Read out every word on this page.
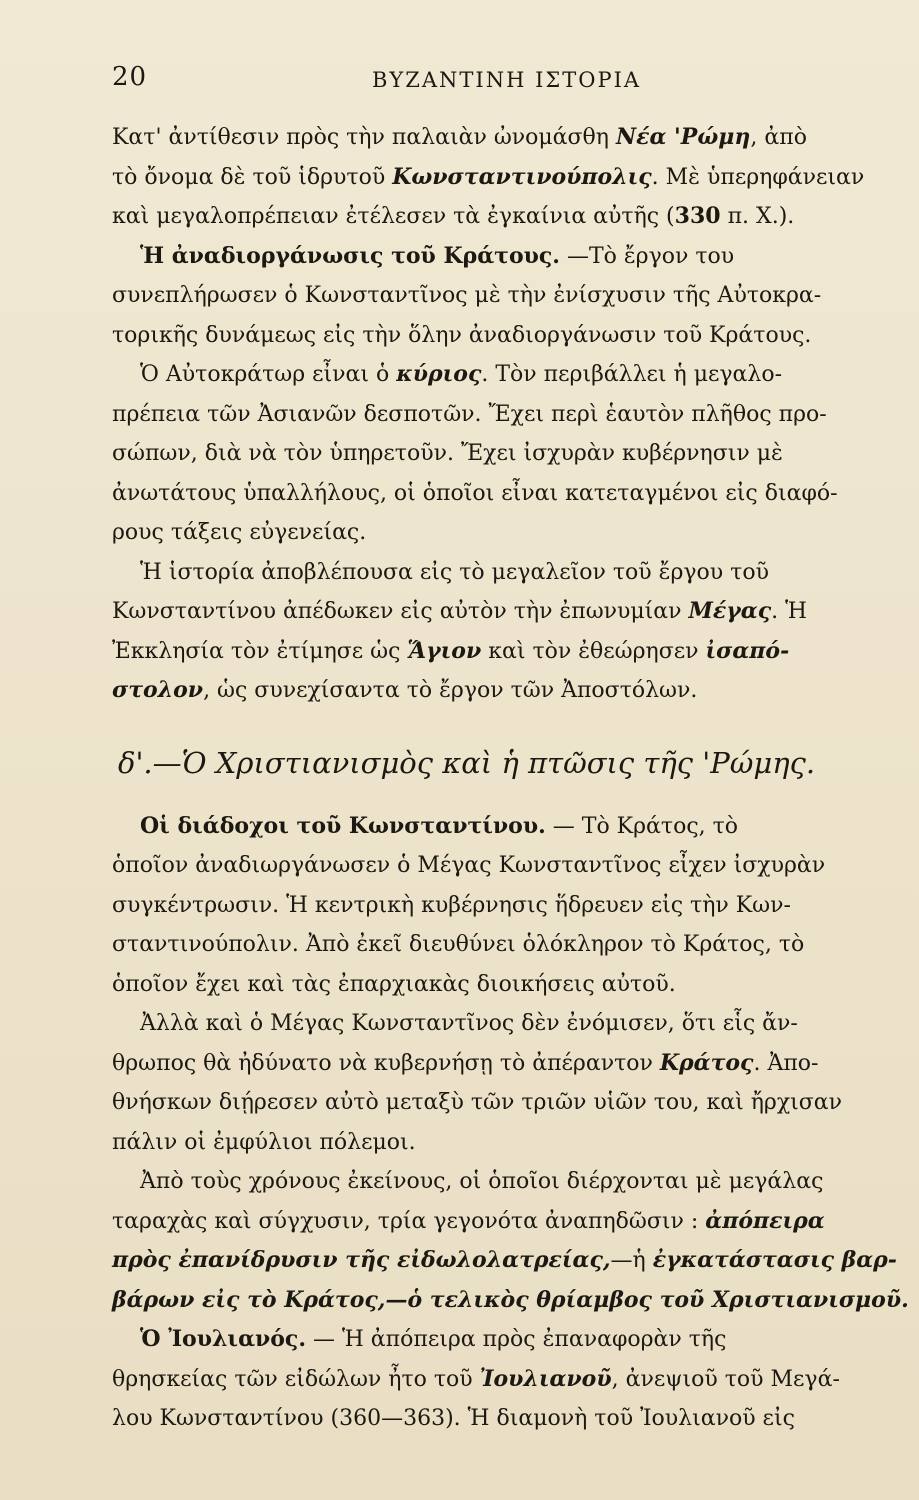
20	ΒΥΖΑΝΤΙΝΗ ΙΣΤΟΡΙΑ
Κατ' ἀντίθεσιν πρὸς τὴν παλαιὰν ὠνομάσθη Νέα 'Ρώμη, ἀπὸ
τὸ ὄνομα δὲ τοῦ ἱδρυτοῦ Κωνσταντινούπολις. Μὲ ὑπερηφάνειαν
καὶ μεγαλοπρέπειαν ἐτέλεσεν τὰ ἐγκαίνια αὐτῆς (330 π. Χ.).
Ἡ ἀναδιοργάνωσις τοῦ Κράτους. —Τὸ ἔργον του
συνεπλήρωσεν ὁ Κωνσταντῖνος μὲ τὴν ἐνίσχυσιν τῆς Αὐτοκρα-
τορικῆς δυνάμεως εἰς τὴν ὅλην ἀναδιοργάνωσιν τοῦ Κράτους.
Ὁ Αὐτοκράτωρ εἶναι ὁ κύριος. Τὸν περιβάλλει ἡ μεγαλο-
πρέπεια τῶν Ἀσιανῶν δεσποτῶν. Ἔχει περὶ ἑαυτὸν πλῆθος προ-
σώπων, διὰ νὰ τὸν ὑπηρετοῦν. Ἔχει ἰσχυρὰν κυβέρνησιν μὲ
ἀνωτάτους ὑπαλλήλους, οἱ ὁποῖοι εἶναι κατεταγμένοι εἰς διαφό-
ρους τάξεις εὐγενείας.
Ἡ ἱστορία ἀποβλέπουσα εἰς τὸ μεγαλεῖον τοῦ ἔργου τοῦ
Κωνσταντίνου ἀπέδωκεν εἰς αὐτὸν τὴν ἐπωνυμίαν Μέγας. Ἡ
Ἐκκλησία τὸν ἐτίμησε ὡς Ἅγιον καὶ τὸν ἐθεώρησεν ἰσαπό-
στολον, ὡς συνεχίσαντα τὸ ἔργον τῶν Ἀποστόλων.
δ'.—Ὁ Χριστιανισμὸς καὶ ἡ πτῶσις τῆς 'Ρώμης.
Οἱ διάδοχοι τοῦ Κωνσταντίνου. — Τὸ Κράτος, τὸ
ὁποῖον ἀναδιωργάνωσεν ὁ Μέγας Κωνσταντῖνος εἶχεν ἰσχυρὰν
συγκέντρωσιν. Ἡ κεντρικὴ κυβέρνησις ἥδρευεν εἰς τὴν Κων-
σταντινούπολιν. Ἀπὸ ἐκεῖ διευθύνει ὁλόκληρον τὸ Κράτος, τὸ
ὁποῖον ἔχει καὶ τὰς ἐπαρχιακὰς διοικήσεις αὐτοῦ.
Ἀλλὰ καὶ ὁ Μέγας Κωνσταντῖνος δὲν ἐνόμισεν, ὅτι εἷς ἄν-
θρωπος θὰ ἠδύνατο νὰ κυβερνήσῃ τὸ ἀπέραντον Κράτος. Ἀπο-
θνήσκων διῄρεσεν αὐτὸ μεταξὺ τῶν τριῶν υἱῶν του, καὶ ἤρχισαν
πάλιν οἱ ἐμφύλιοι πόλεμοι.
Ἀπὸ τοὺς χρόνους ἐκείνους, οἱ ὁποῖοι διέρχονται μὲ μεγάλας
ταραχὰς καὶ σύγχυσιν, τρία γεγονότα ἀναπηδῶσιν : ἀπόπειρα
πρὸς ἐπανίδρυσιν τῆς εἰδωλολατρείας,—ἡ ἐγκατάστασις βαρ-
βάρων εἰς τὸ Κράτος,—ὁ τελικὸς θρίαμβος τοῦ Χριστιανισμοῦ.
Ὁ Ἰουλιανός. — Ἡ ἀπόπειρα πρὸς ἐπαναφορὰν τῆς
θρησκείας τῶν εἰδώλων ἦτο τοῦ Ἰουλιανοῦ, ἀνεψιοῦ τοῦ Μεγά-
λου Κωνσταντίνου (360—363). Ἡ διαμονὴ τοῦ Ἰουλιανοῦ εἰς
